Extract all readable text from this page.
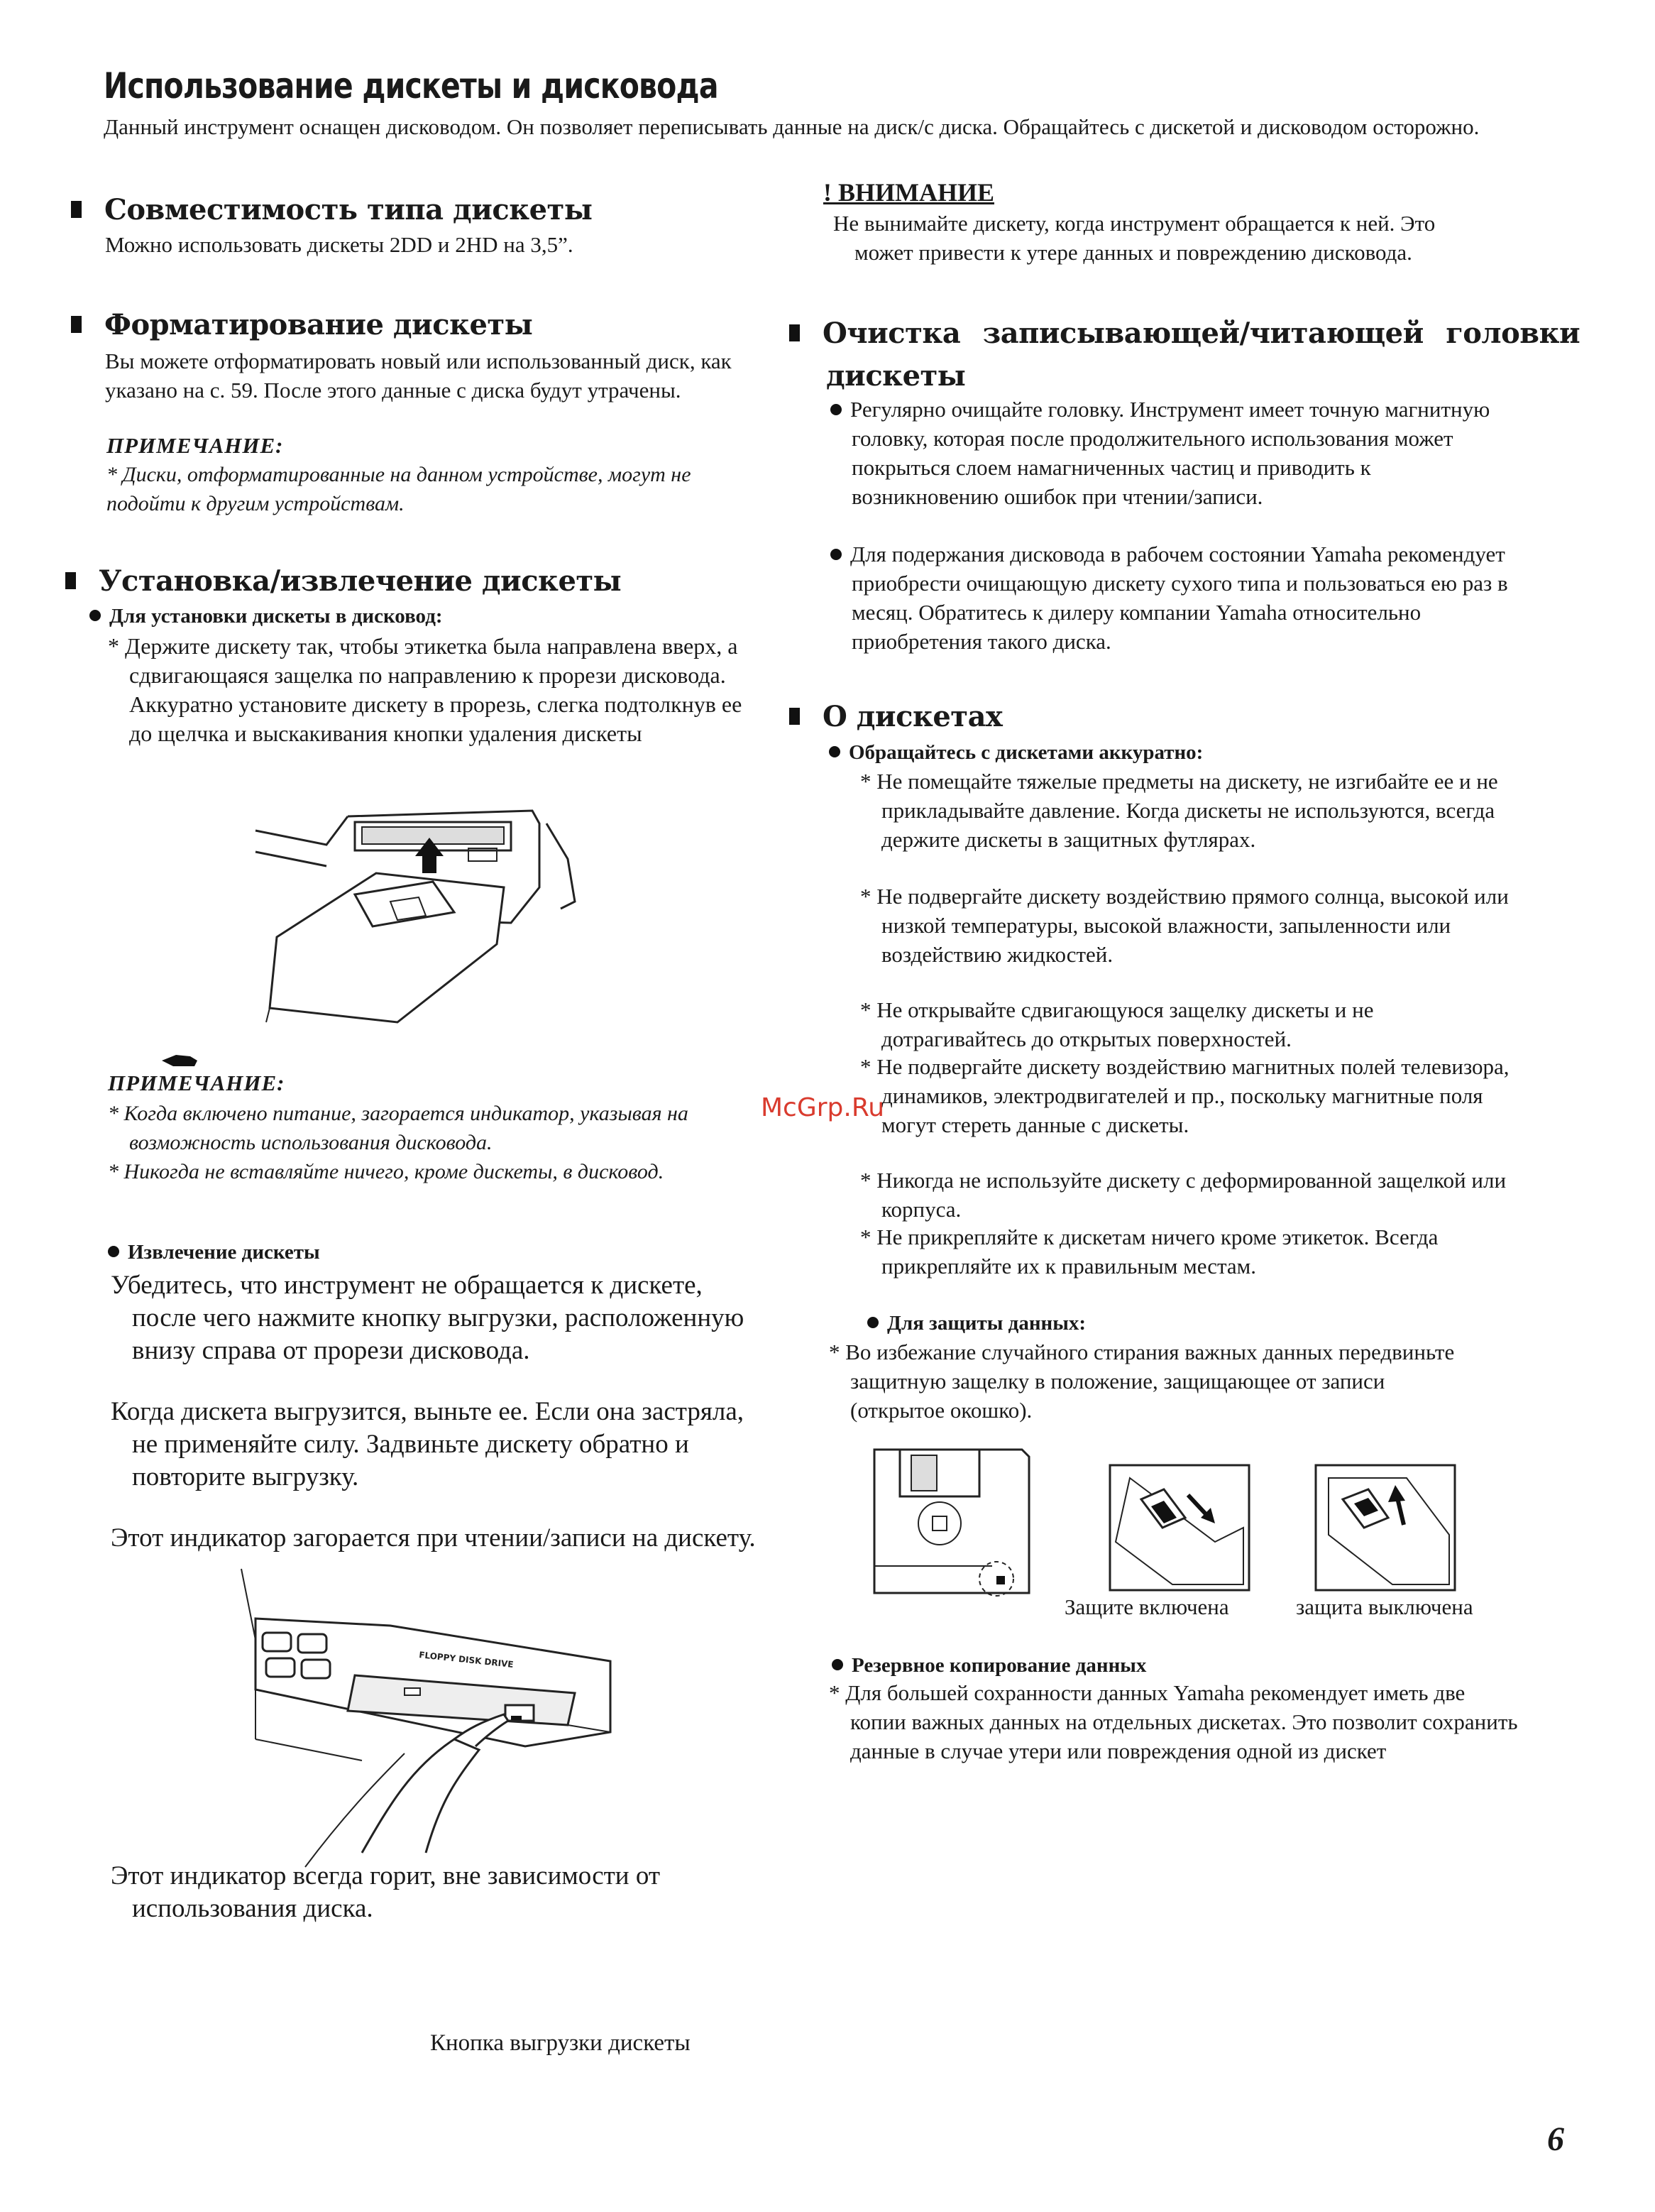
Использование дискеты и дисковода
Данный инструмент оснащен дисководом. Он позволяет переписывать данные на диск/с диска. Обращайтесь с дискетой и дисководом осторожно.
Совместимость типа дискеты
Можно использовать дискеты 2DD и 2HD на 3,5”.
Форматирование дискеты
Вы можете отформатировать новый или использованный диск, как указано на с. 59. После этого данные с диска будут утрачены.
ПРИМЕЧАНИЕ:
* Диски, отформатированные на данном устройстве, могут не подойти к другим устройствам.
Установка/извлечение дискеты
Для установки дискеты в дисковод:
* Держите дискету так, чтобы этикетка была направлена вверх, а сдвигающаяся защелка по направлению к прорези дисковода. Аккуратно установите дискету в прорезь, слегка подтолкнув ее до щелчка и выскакивания кнопки удаления дискеты
ПРИМЕЧАНИЕ:
* Когда включено питание, загорается индикатор, указывая на возможность использования дисковода.
* Никогда не вставляйте ничего, кроме дискеты, в дисковод.
Извлечение дискеты
Убедитесь, что инструмент не обращается к дискете, после чего нажмите кнопку выгрузки, расположенную внизу справа от прорези дисковода.
Когда дискета выгрузится, выньте ее. Если она застряла, не применяйте силу. Задвиньте дискету обратно и повторите выгрузку.
Этот индикатор загорается при чтении/записи на дискету.
FLOPPY DISK DRIVE
Этот индикатор всегда горит, вне зависимости от использования диска.
Кнопка выгрузки дискеты
! ВНИМАНИЕ
Не вынимайте дискету, когда инструмент обращается к ней. Это может привести к утере данных и повреждению дисковода.
Очистка записывающей/читающей головки
дискеты
Регулярно очищайте головку. Инструмент имеет точную магнитную головку, которая после продолжительного использования может покрыться слоем намагниченных частиц и приводить к возникновению ошибок при чтении/записи.
Для подержания дисковода в рабочем состоянии Yamaha рекомендует приобрести очищающую дискету сухого типа и пользоваться ею раз в месяц. Обратитесь к дилеру компании Yamaha относительно приобретения такого диска.
О дискетах
Обращайтесь с дискетами аккуратно:
* Не помещайте тяжелые предметы на дискету, не изгибайте ее и не прикладывайте давление. Когда дискеты не используются, всегда держите дискеты в защитных футлярах.
* Не подвергайте дискету воздействию прямого солнца, высокой или низкой температуры, высокой влажности, запыленности или воздействию жидкостей.
* Не открывайте сдвигающуюся защелку дискеты и не дотрагивайтесь до открытых поверхностей.
* Не подвергайте дискету воздействию магнитных полей телевизора, динамиков, электродвигателей и пр., поскольку магнитные поля могут стереть данные с дискеты.
* Никогда не используйте дискету с деформированной защелкой или корпуса.
* Не прикрепляйте к дискетам ничего кроме этикеток. Всегда прикрепляйте их к правильным местам.
Для защиты данных:
* Во избежание случайного стирания важных данных передвиньте защитную защелку в положение, защищающее от записи (открытое окошко).
Защите включена	защита выключена
Резервное копирование данных
* Для большей сохранности данных Yamaha рекомендует иметь две копии важных данных на отдельных дискетах. Это позволит сохранить данные в случае утери или повреждения одной из дискет
McGrp.Ru
6
